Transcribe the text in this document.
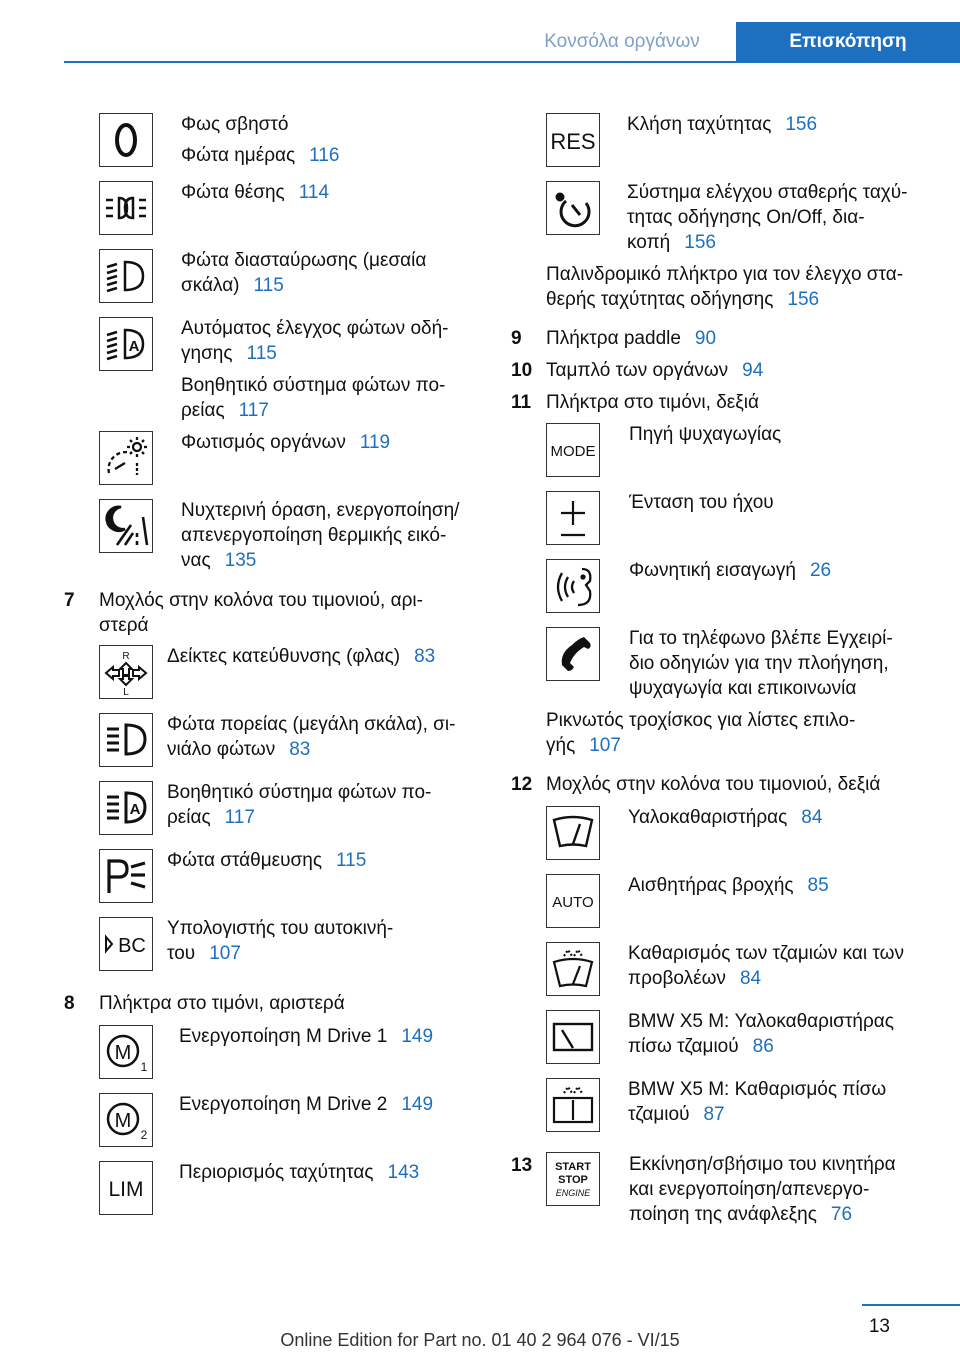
Κονσόλα οργάνων	Επισκόπηση
Φως σβηστό
Φώτα ημέρας 116
Φώτα θέσης 114
Φώτα διασταύρωσης (μεσαία
σκάλα) 115
A
Αυτόματος έλεγχος φώτων οδή-
γησης 115
Βοηθητικό σύστημα φώτων πο-
ρείας 117
Φωτισμός οργάνων 119
Νυχτερινή όραση, ενεργοποίηση/
απενεργοποίηση θερμικής εικό-
νας 135
7 Μοχλός στην κολόνα του τιμονιού, αρι-
στερά
R
L
Δείκτες κατεύθυνσης (φλας) 83
Φώτα πορείας (μεγάλη σκάλα), σι-
νιάλο φώτων 83
A
Βοηθητικό σύστημα φώτων πο-
ρείας 117
Φώτα στάθμευσης 115
BC
Υπολογιστής του αυτοκινή-
του 107
8 Πλήκτρα στο τιμόνι, αριστερά
M
1
Ενεργοποίηση M Drive 1 149
M
2
Ενεργοποίηση M Drive 2 149
LIM
Περιορισμός ταχύτητας 143
RES
Κλήση ταχύτητας 156
Σύστημα ελέγχου σταθερής ταχύ-
τητας οδήγησης On/Off, δια-
κοπή 156
Παλινδρομικό πλήκτρο για τον έλεγχο στα-
θερής ταχύτητας οδήγησης 156
9 Πλήκτρα paddle 90
10 Ταμπλό των οργάνων 94
11 Πλήκτρα στο τιμόνι, δεξιά
MODE
Πηγή ψυχαγωγίας
Ένταση του ήχου
Φωνητική εισαγωγή 26
Για το τηλέφωνο βλέπε Εγχειρί-
διο οδηγιών για την πλοήγηση,
ψυχαγωγία και επικοινωνία
Ρικνωτός τροχίσκος για λίστες επιλο-
γής 107
12 Μοχλός στην κολόνα του τιμονιού, δεξιά
Υαλοκαθαριστήρας 84
AUTO
Αισθητήρας βροχής 85
Καθαρισμός των τζαμιών και των
προβολέων 84
BMW X5 M: Υαλοκαθαριστήρας
πίσω τζαμιού 86
BMW X5 M: Καθαρισμός πίσω
τζαμιού 87
13 START
STOP
ENGINE
Εκκίνηση/σβήσιμο του κινητήρα
και ενεργοποίηση/απενεργο-
ποίηση της ανάφλεξης 76
13
Online Edition for Part no. 01 40 2 964 076 - VI/15
